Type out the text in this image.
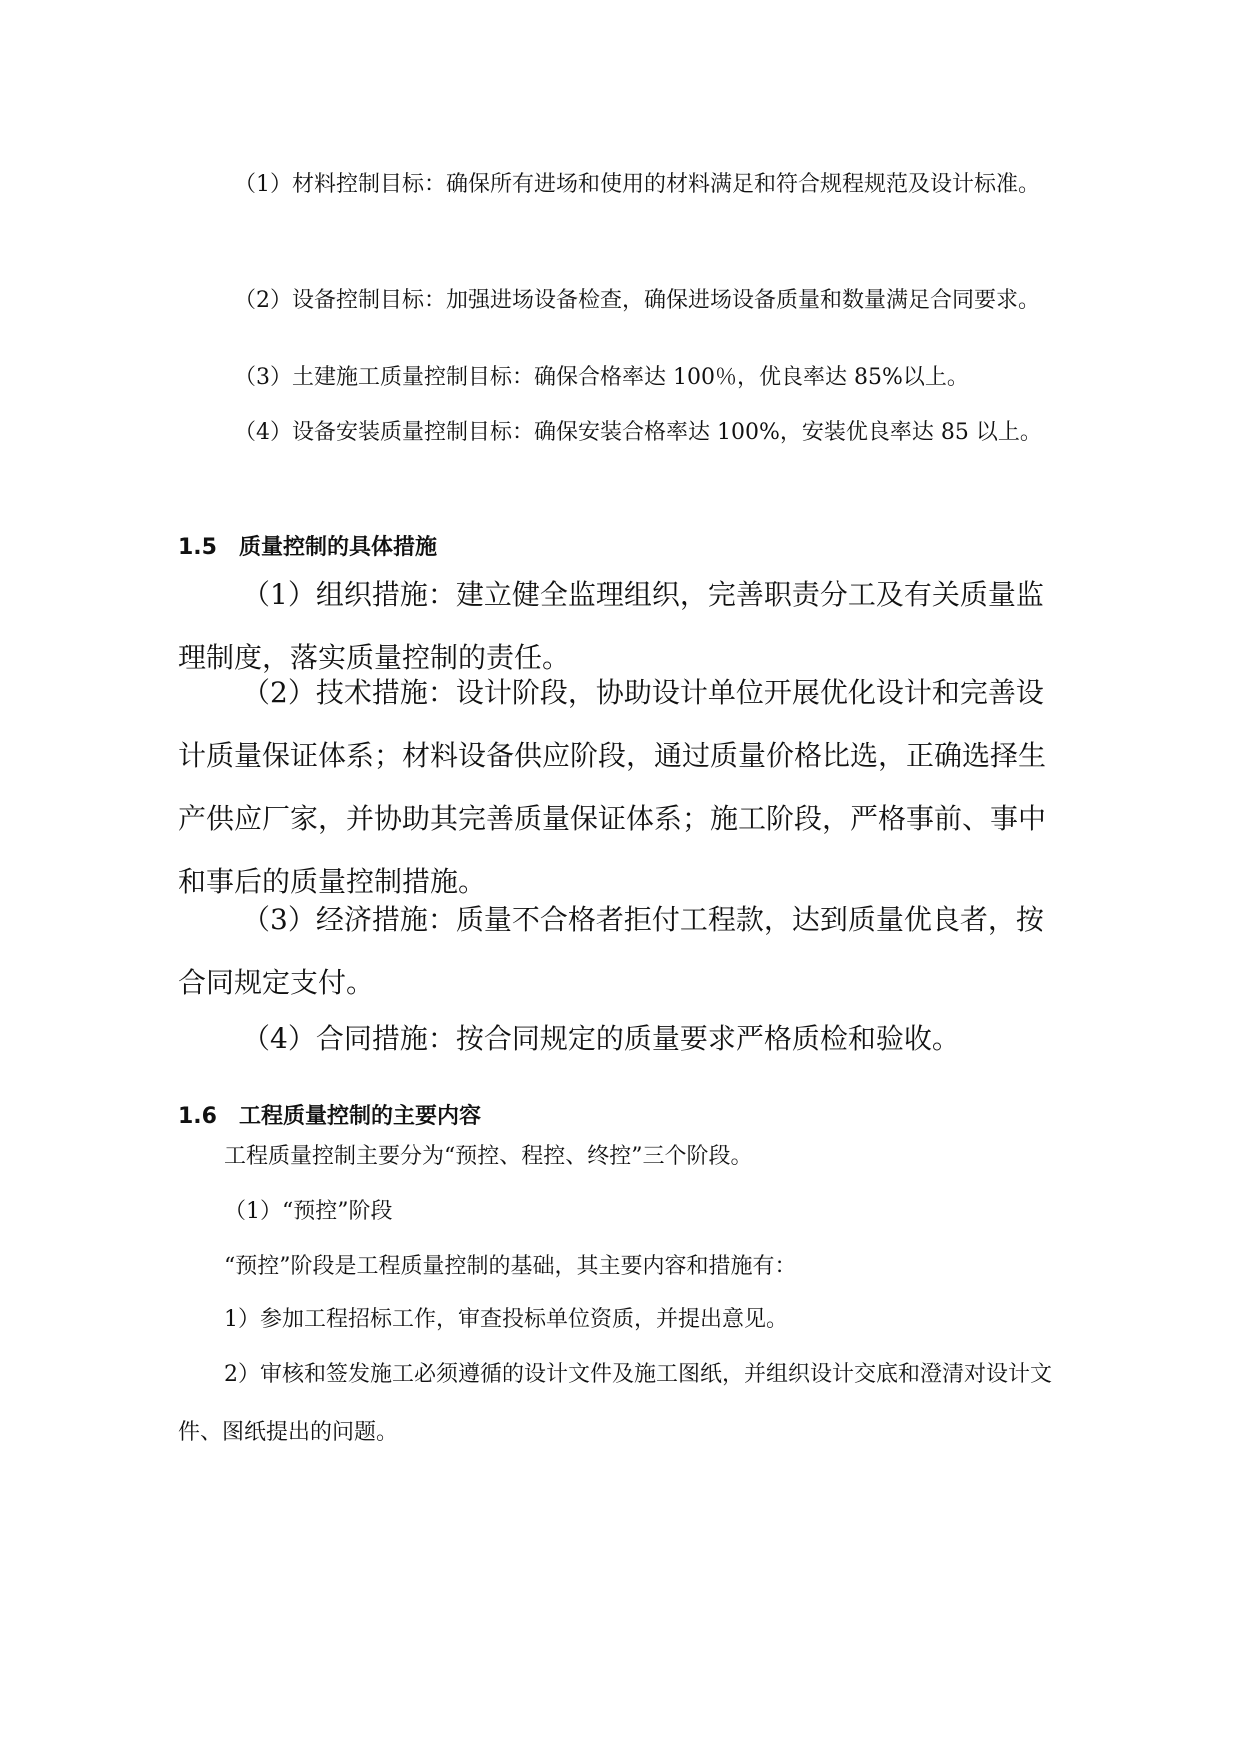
（1）材料控制目标：确保所有进场和使用的材料满足和符合规程规范及设计标准。

（2）设备控制目标：加强进场设备检查，确保进场设备质量和数量满足合同要求。

（3）土建施工质量控制目标：确保合格率达 100％，优良率达 85%以上。

（4）设备安装质量控制目标：确保安装合格率达 100%，安装优良率达 85 以上。

1.5　质量控制的具体措施

（1）组织措施：建立健全监理组织，完善职责分工及有关质量监理制度，落实质量控制的责任。

（2）技术措施：设计阶段，协助设计单位开展优化设计和完善设计质量保证体系；材料设备供应阶段，通过质量价格比选，正确选择生产供应厂家，并协助其完善质量保证体系；施工阶段，严格事前、事中和事后的质量控制措施。

（3）经济措施：质量不合格者拒付工程款，达到质量优良者，按合同规定支付。

（4）合同措施：按合同规定的质量要求严格质检和验收。

1.6　工程质量控制的主要内容

工程质量控制主要分为“预控、程控、终控”三个阶段。

（1）“预控”阶段

“预控”阶段是工程质量控制的基础，其主要内容和措施有：

1）参加工程招标工作，审查投标单位资质，并提出意见。

2）审核和签发施工必须遵循的设计文件及施工图纸，并组织设计交底和澄清对设计文件、图纸提出的问题。
